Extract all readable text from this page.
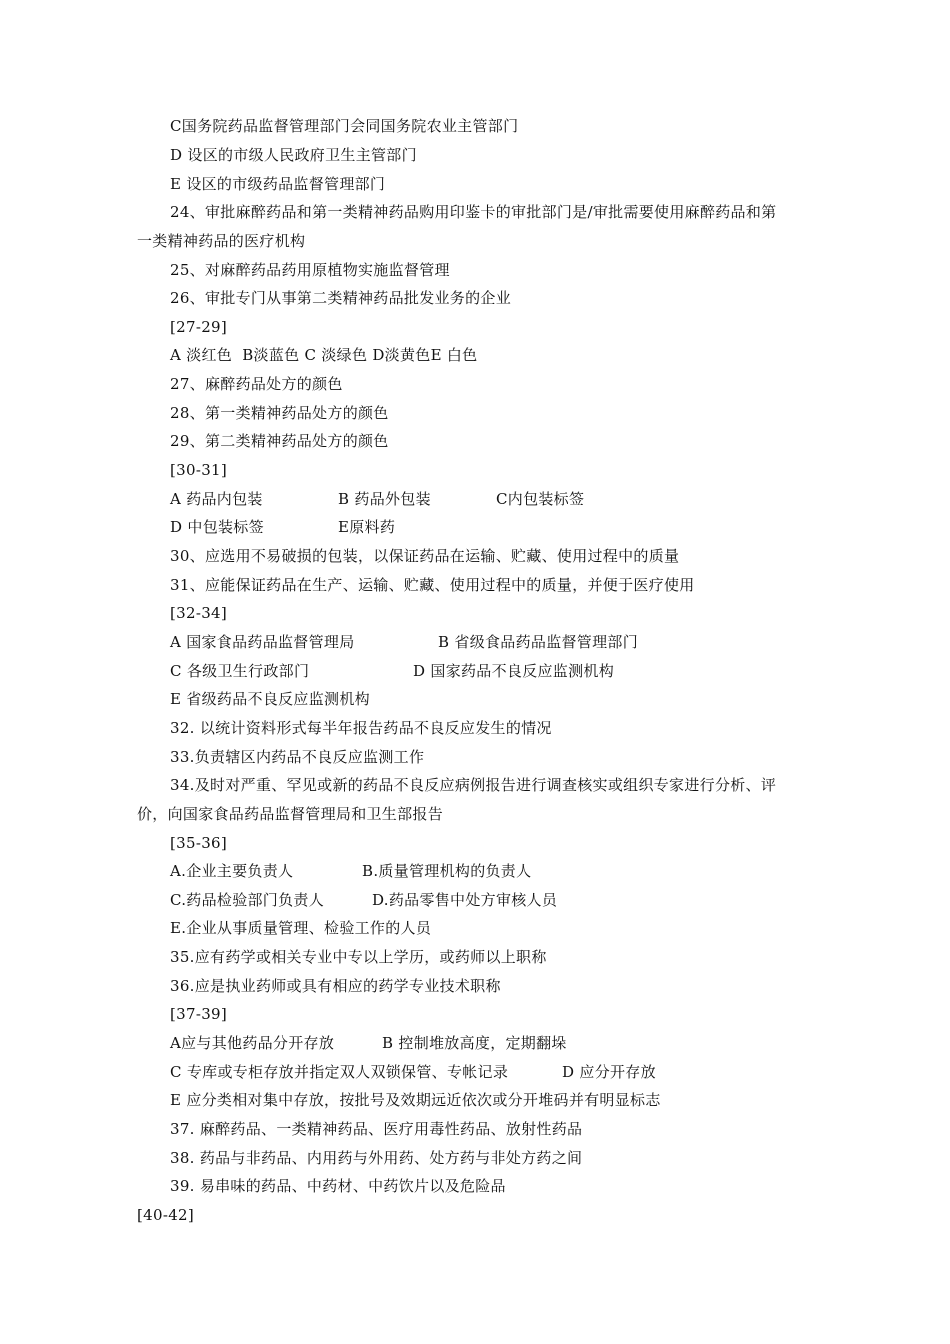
C国务院药品监督管理部门会同国务院农业主管部门
D 设区的市级人民政府卫生主管部门
E 设区的市级药品监督管理部门
24、审批麻醉药品和第一类精神药品购用印鉴卡的审批部门是/审批需要使用麻醉药品和第
一类精神药品的医疗机构
25、对麻醉药品药用原植物实施监督管理
26、审批专门从事第二类精神药品批发业务的企业
[27-29]
A 淡红色  B淡蓝色 C 淡绿色 D淡黄色E 白色
27、麻醉药品处方的颜色
28、第一类精神药品处方的颜色
29、第二类精神药品处方的颜色
[30-31]
A 药品内包装	B 药品外包装	C内包装标签
D 中包装标签	E原料药
30、应选用不易破损的包装，以保证药品在运输、贮藏、使用过程中的质量
31、应能保证药品在生产、运输、贮藏、使用过程中的质量，并便于医疗使用
[32-34]
A 国家食品药品监督管理局	B 省级食品药品监督管理部门
C 各级卫生行政部门	D 国家药品不良反应监测机构
E 省级药品不良反应监测机构
32. 以统计资料形式每半年报告药品不良反应发生的情况
33.负责辖区内药品不良反应监测工作
34.及时对严重、罕见或新的药品不良反应病例报告进行调查核实或组织专家进行分析、评
价，向国家食品药品监督管理局和卫生部报告
[35-36]
A.企业主要负责人	B.质量管理机构的负责人
C.药品检验部门负责人	D.药品零售中处方审核人员
E.企业从事质量管理、检验工作的人员
35.应有药学或相关专业中专以上学历，或药师以上职称
36.应是执业药师或具有相应的药学专业技术职称
[37-39]
A应与其他药品分开存放	B 控制堆放高度，定期翻垛
C 专库或专柜存放并指定双人双锁保管、专帐记录	D 应分开存放
E 应分类相对集中存放，按批号及效期远近依次或分开堆码并有明显标志
37. 麻醉药品、一类精神药品、医疗用毒性药品、放射性药品
38. 药品与非药品、内用药与外用药、处方药与非处方药之间
39. 易串味的药品、中药材、中药饮片以及危险品
[40-42]
